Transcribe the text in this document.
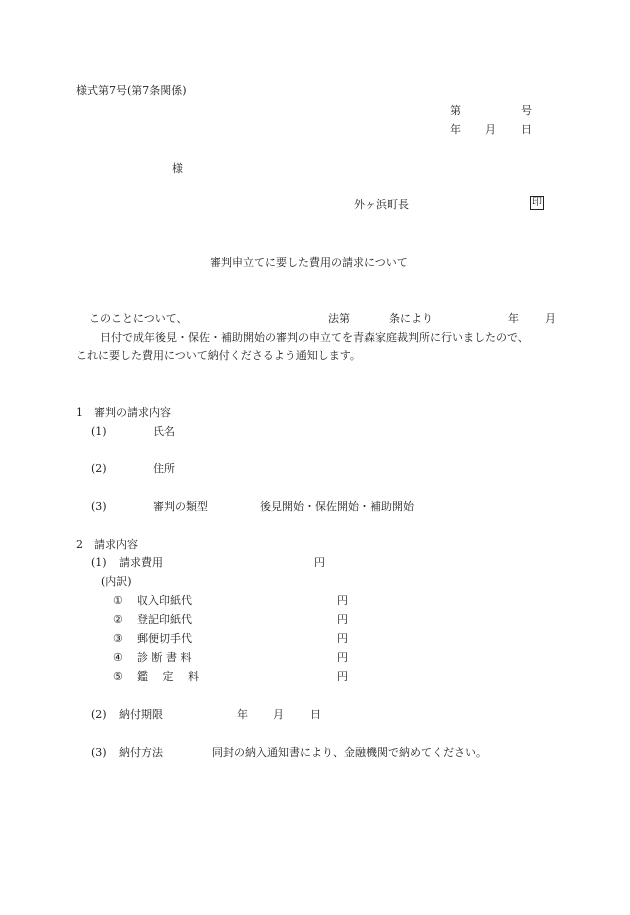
様式第7号(第7条関係)
第	号
年 月 日
様
外ヶ浜町長	印
審判申立てに要した費用の請求について
このことについて、	法第	条により	年 月
日付で成年後見・保佐・補助開始の審判の申立てを青森家庭裁判所に行いましたので、
これに要した費用について納付くださるよう通知します。
1　審判の請求内容
(1)	氏名
(2)	住所
(3)	審判の類型	後見開始・保佐開始・補助開始
2　請求内容
(1) 請求費用	円
(内訳)
① 収入印紙代	円
② 登記印紙代	円
③ 郵便切手代	円
④ 診 断 書 料	円
⑤ 鑑　 定　 料	円
(2) 納付期限	年 月 日
(3) 納付方法	同封の納入通知書により、金融機関で納めてください。
